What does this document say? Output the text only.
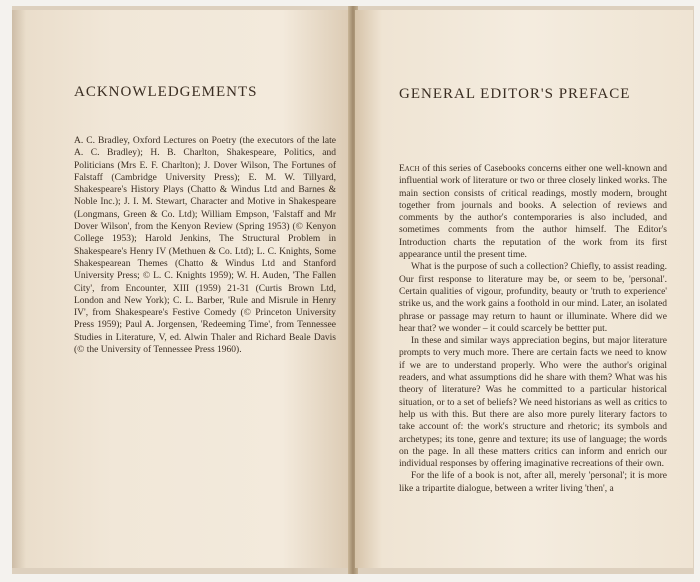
ACKNOWLEDGEMENTS

A. C. Bradley, Oxford Lectures on Poetry (the executors of the late A. C. Bradley); H. B. Charlton, Shakespeare, Politics, and Politicians (Mrs E. F. Charlton); J. Dover Wilson, The Fortunes of Falstaff (Cambridge University Press); E. M. W. Tillyard, Shakespeare's History Plays (Chatto & Windus Ltd and Barnes & Noble Inc.); J. I. M. Stewart, Character and Motive in Shakespeare (Longmans, Green & Co. Ltd); William Empson, 'Falstaff and Mr Dover Wilson', from the Kenyon Review (Spring 1953) (© Kenyon College 1953); Harold Jenkins, The Structural Problem in Shakespeare's Henry IV (Methuen & Co. Ltd); L. C. Knights, Some Shakespearean Themes (Chatto & Windus Ltd and Stanford University Press; © L. C. Knights 1959); W. H. Auden, 'The Fallen City', from Encounter, XIII (1959) 21-31 (Curtis Brown Ltd, London and New York); C. L. Barber, 'Rule and Misrule in Henry IV', from Shakespeare's Festive Comedy (© Princeton University Press 1959); Paul A. Jorgensen, 'Redeeming Time', from Tennessee Studies in Literature, V, ed. Alwin Thaler and Richard Beale Davis (© the University of Tennessee Press 1960).

GENERAL EDITOR'S PREFACE

Each of this series of Casebooks concerns either one well-known and influential work of literature or two or three closely linked works. The main section consists of critical readings, mostly modern, brought together from journals and books. A selection of reviews and comments by the author's contemporaries is also included, and sometimes comments from the author himself. The Editor's Introduction charts the reputation of the work from its first appearance until the present time.

What is the purpose of such a collection? Chiefly, to assist reading. Our first response to literature may be, or seem to be, 'personal'. Certain qualities of vigour, profundity, beauty or 'truth to experience' strike us, and the work gains a foothold in our mind. Later, an isolated phrase or passage may return to haunt or illuminate. Where did we hear that? we wonder – it could scarcely be bettter put.

In these and similar ways appreciation begins, but major literature prompts to very much more. There are certain facts we need to know if we are to understand properly. Who were the author's original readers, and what assumptions did he share with them? What was his theory of literature? Was he committed to a particular historical situation, or to a set of beliefs? We need historians as well as critics to help us with this. But there are also more purely literary factors to take account of: the work's structure and rhetoric; its symbols and archetypes; its tone, genre and texture; its use of language; the words on the page. In all these matters critics can inform and enrich our individual responses by offering imaginative recreations of their own.

For the life of a book is not, after all, merely 'personal'; it is more like a tripartite dialogue, between a writer living 'then', a
